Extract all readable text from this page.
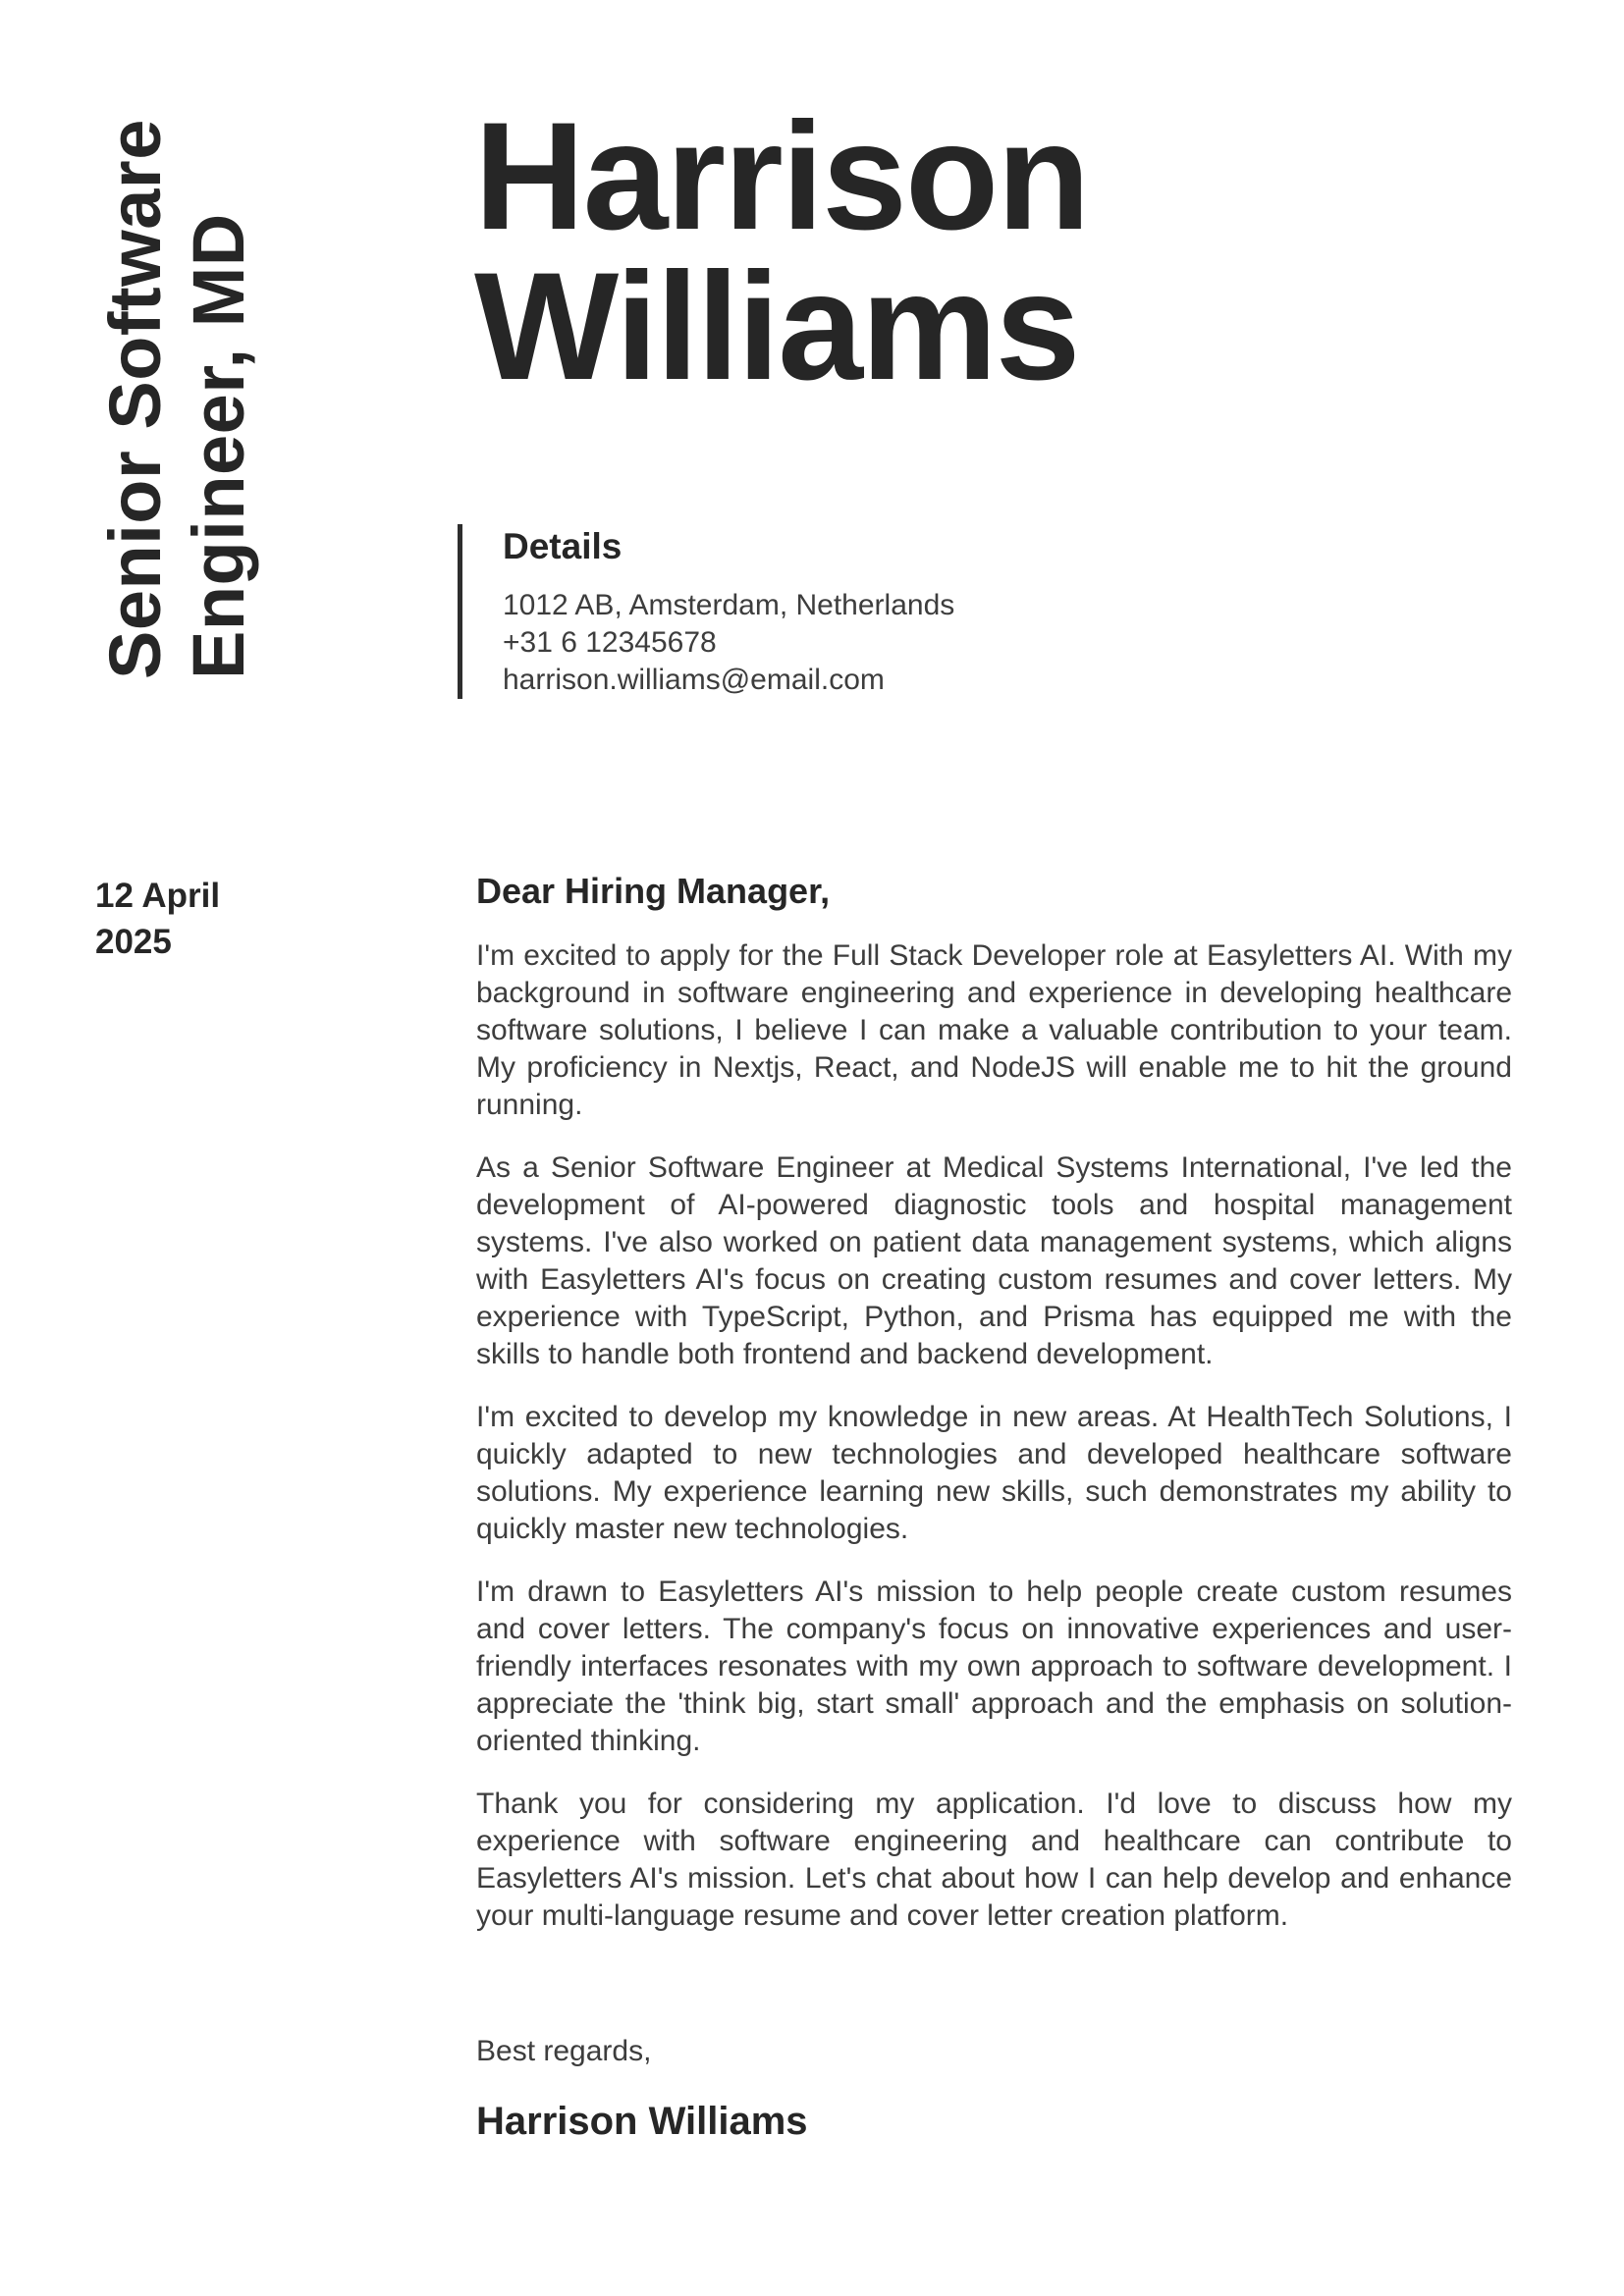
Senior Software Engineer, MD
Harrison Williams
Details
1012 AB, Amsterdam, Netherlands
+31 6 12345678
harrison.williams@email.com
12 April 2025
Dear Hiring Manager,

I'm excited to apply for the Full Stack Developer role at Easyletters AI. With my background in software engineering and experience in developing healthcare software solutions, I believe I can make a valuable contribution to your team. My proficiency in Nextjs, React, and NodeJS will enable me to hit the ground running.

As a Senior Software Engineer at Medical Systems International, I've led the development of AI-powered diagnostic tools and hospital management systems. I've also worked on patient data management systems, which aligns with Easyletters AI's focus on creating custom resumes and cover letters. My experience with TypeScript, Python, and Prisma has equipped me with the skills to handle both frontend and backend development.

I'm excited to develop my knowledge in new areas. At HealthTech Solutions, I quickly adapted to new technologies and developed healthcare software solutions. My experience learning new skills, such demonstrates my ability to quickly master new technologies.

I'm drawn to Easyletters AI's mission to help people create custom resumes and cover letters. The company's focus on innovative experiences and user-friendly interfaces resonates with my own approach to software development. I appreciate the 'think big, start small' approach and the emphasis on solution-oriented thinking.

Thank you for considering my application. I'd love to discuss how my experience with software engineering and healthcare can contribute to Easyletters AI's mission. Let's chat about how I can help develop and enhance your multi-language resume and cover letter creation platform.

Best regards,
Harrison Williams
